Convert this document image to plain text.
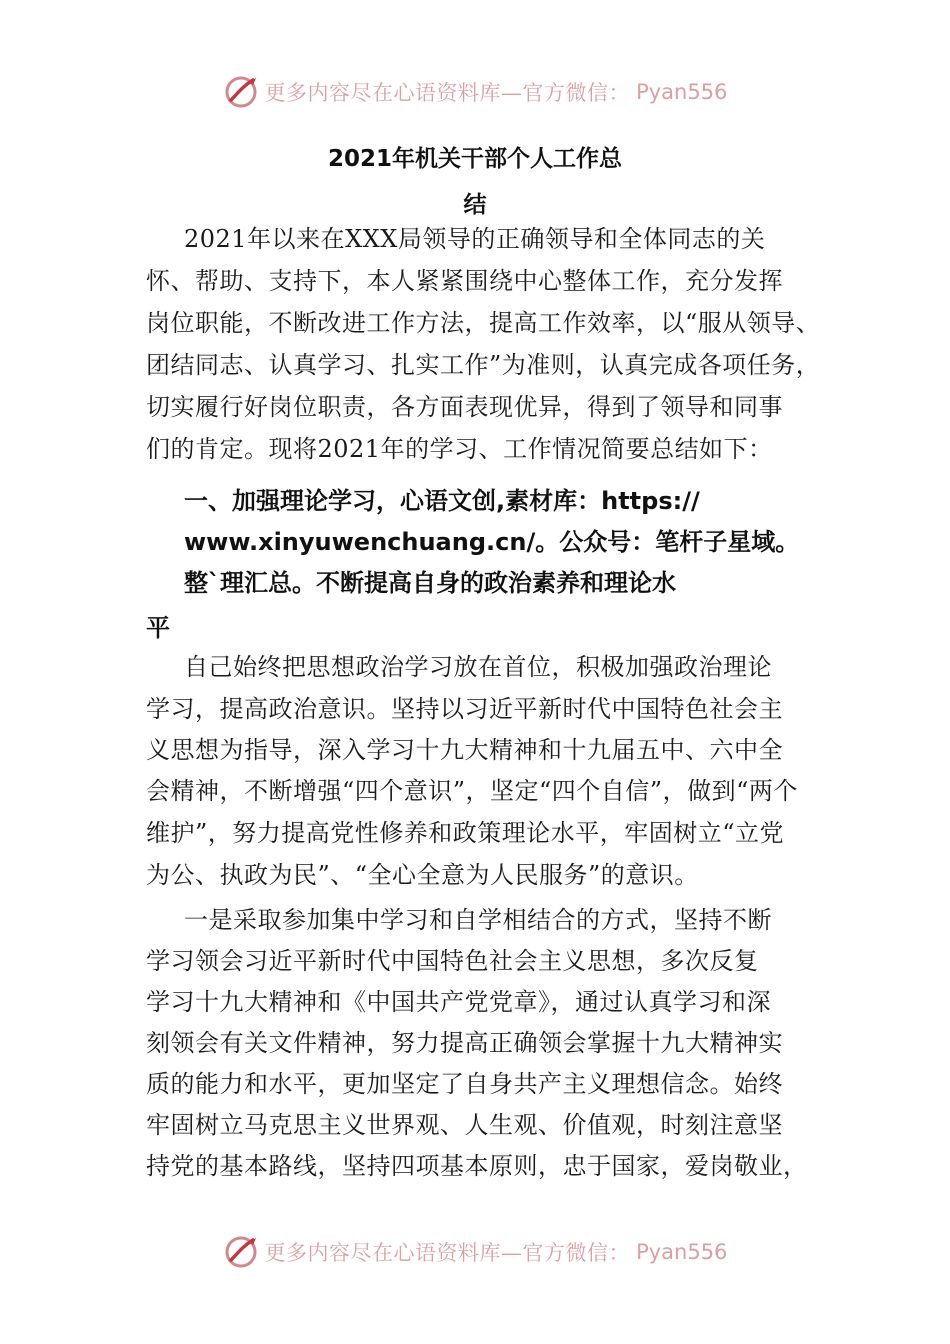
更多内容尽在心语资料库—官方微信： Pyan556
2021年机关干部个人工作总
结
2021年以来在XXX局领导的正确领导和全体同志的关
怀、帮助、支持下，本人紧紧围绕中心整体工作，充分发挥
岗位职能，不断改进工作方法，提高工作效率，以“服从领导、
团结同志、认真学习、扎实工作”为准则，认真完成各项任务，
切实履行好岗位职责，各方面表现优异，得到了领导和同事
们的肯定。现将2021年的学习、工作情况简要总结如下：
一、加强理论学习，心语文创,素材库：https://
www.xinyuwenchuang.cn/。公众号：笔杆子星域。
整`理汇总。不断提高自身的政治素养和理论水
平
自己始终把思想政治学习放在首位，积极加强政治理论
学习，提高政治意识。坚持以习近平新时代中国特色社会主
义思想为指导，深入学习十九大精神和十九届五中、六中全
会精神，不断增强“四个意识”，坚定“四个自信”，做到“两个
维护”，努力提高党性修养和政策理论水平，牢固树立“立党
为公、执政为民”、“全心全意为人民服务”的意识。
一是采取参加集中学习和自学相结合的方式，坚持不断
学习领会习近平新时代中国特色社会主义思想，多次反复
学习十九大精神和《中国共产党党章》，通过认真学习和深
刻领会有关文件精神，努力提高正确领会掌握十九大精神实
质的能力和水平，更加坚定了自身共产主义理想信念。始终
牢固树立马克思主义世界观、人生观、价值观，时刻注意坚
持党的基本路线，坚持四项基本原则，忠于国家，爱岗敬业，
更多内容尽在心语资料库—官方微信： Pyan556
